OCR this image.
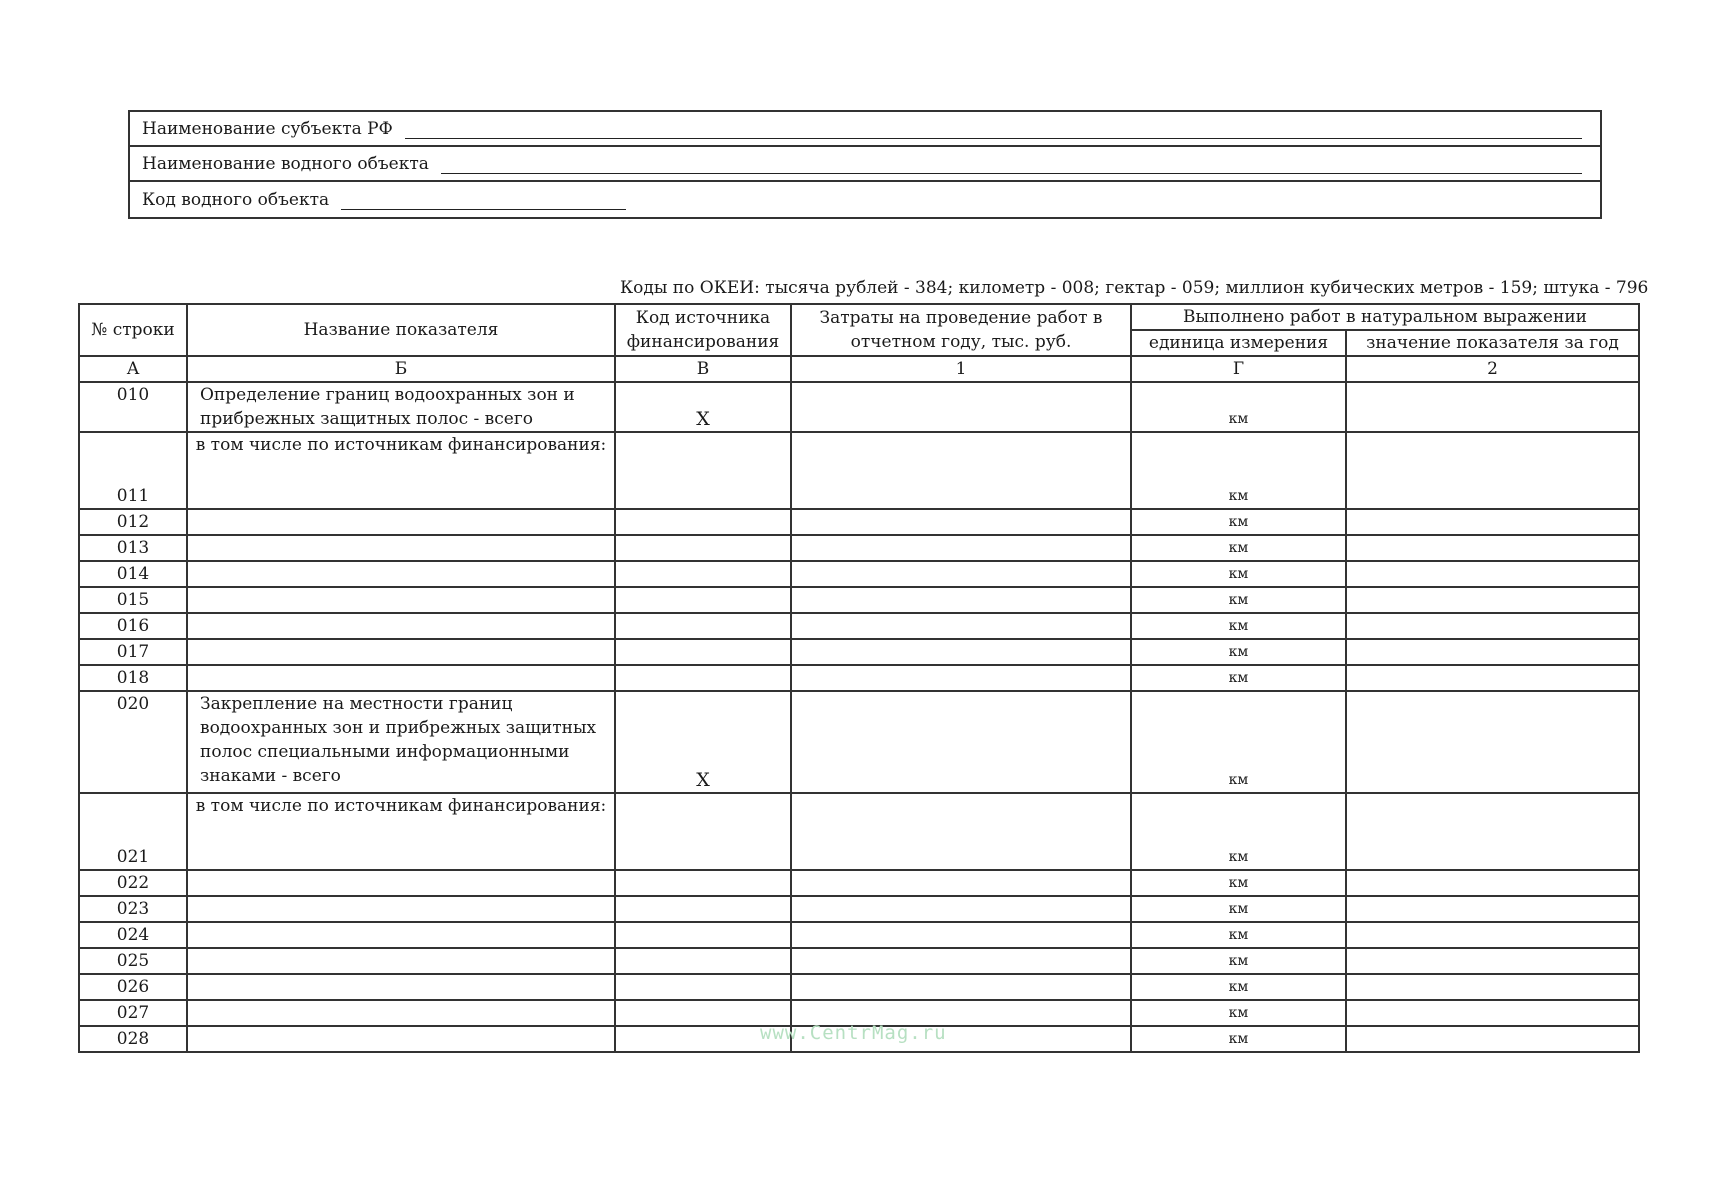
Наименование субъекта РФ
Наименование водного объекта
Код водного объекта
Коды по ОКЕИ: тысяча рублей - 384; километр - 008; гектар - 059; миллион кубических метров - 159; штука - 796
№ строки	Название показателя	Код источника финансирования	Затраты на проведение работ в отчетном году, тыс. руб.	Выполнено работ в натуральном выражении	
				единица измерения	значение показателя за год
А	Б	В	1	Г	2
010	Определение границ водоохранных зон и прибрежных защитных полос - всего	Х		км	
011	в том числе по источникам финансирования:			км	
012				км	
013				км	
014				км	
015				км	
016				км	
017				км	
018				км	
020	Закрепление на местности границ водоохранных зон и прибрежных защитных полос специальными информационными знаками - всего	Х		км	
021	в том числе по источникам финансирования:			км	
022				км	
023				км	
024				км	
025				км	
026				км	
027				км	
028				км	
www.CentrMag.ru
